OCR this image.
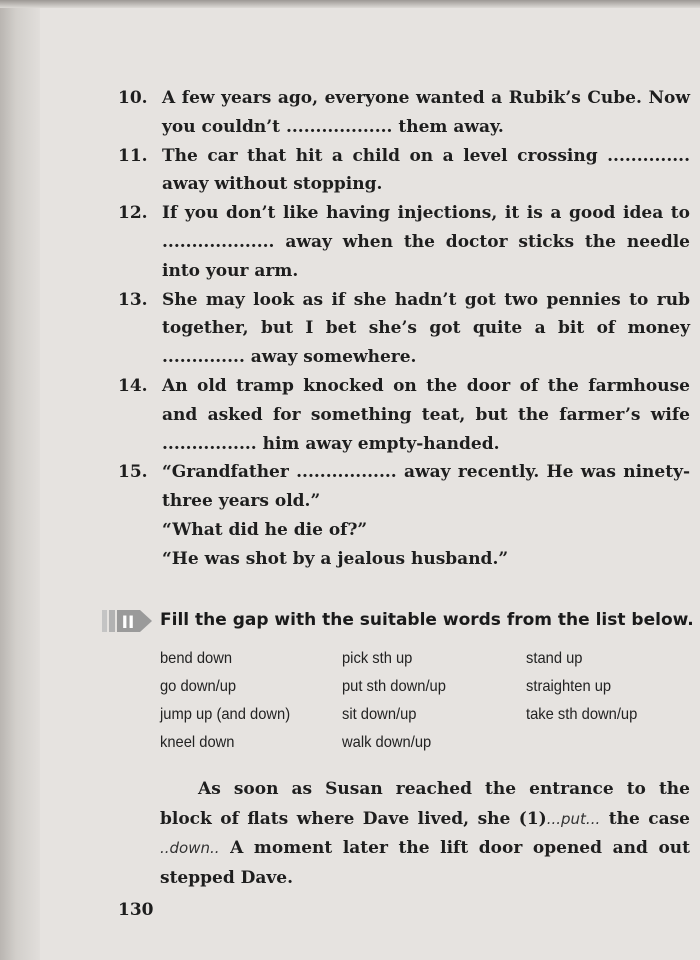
10. A few years ago, everyone wanted a Rubik’s Cube. Now you couldn’t .................. them away.
11. The car that hit a child on a level crossing .............. away without stopping.
12. If you don’t like having injections, it is a good idea to ................... away when the doctor sticks the needle into your arm.
13. She may look as if she hadn’t got two pennies to rub together, but I bet she’s got quite a bit of money .............. away somewhere.
14. An old tramp knocked on the door of the farmhouse and asked for something teat, but the farmer’s wife ................ him away empty-handed.
15. “Grandfather ................. away recently. He was ninety-three years old.”

“What did he die of?”

“He was shot by a jealous husband.”

II Fill the gap with the suitable words from the list below.
bend down
go down/up
jump up (and down)
kneel down
pick sth up
put sth down/up
sit down/up
walk down/up
stand up
straighten up
take sth down/up

As soon as Susan reached the entrance to the block of flats where Dave lived, she (1)...put... the case ..down.. A moment later the lift door opened and out stepped Dave.

130
